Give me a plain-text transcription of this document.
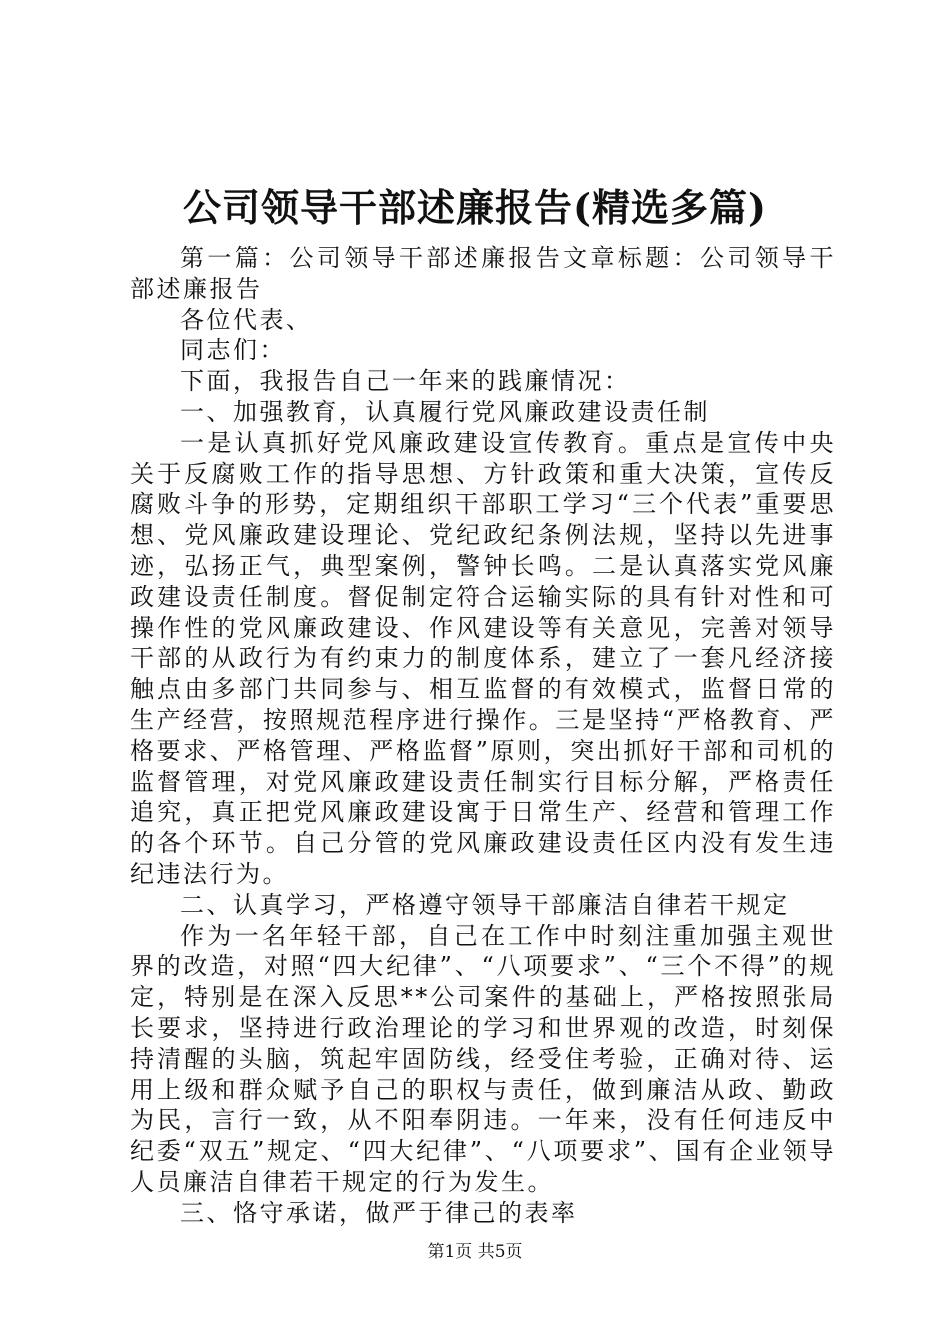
公司领导干部述廉报告(精选多篇)

第一篇：公司领导干部述廉报告文章标题：公司领导干部述廉报告

各位代表、

同志们：

下面，我报告自己一年来的践廉情况：

一、加强教育，认真履行党风廉政建设责任制

一是认真抓好党风廉政建设宣传教育。重点是宣传中央关于反腐败工作的指导思想、方针政策和重大决策，宣传反腐败斗争的形势，定期组织干部职工学习“三个代表”重要思想、党风廉政建设理论、党纪政纪条例法规，坚持以先进事迹，弘扬正气，典型案例，警钟长鸣。二是认真落实党风廉政建设责任制度。督促制定符合运输实际的具有针对性和可操作性的党风廉政建设、作风建设等有关意见，完善对领导干部的从政行为有约束力的制度体系，建立了一套凡经济接触点由多部门共同参与、相互监督的有效模式，监督日常的生产经营，按照规范程序进行操作。三是坚持“严格教育、严格要求、严格管理、严格监督”原则，突出抓好干部和司机的监督管理，对党风廉政建设责任制实行目标分解，严格责任追究，真正把党风廉政建设寓于日常生产、经营和管理工作的各个环节。自己分管的党风廉政建设责任区内没有发生违纪违法行为。

二、认真学习，严格遵守领导干部廉洁自律若干规定

作为一名年轻干部，自己在工作中时刻注重加强主观世界的改造，对照“四大纪律”、“八项要求”、“三个不得”的规定，特别是在深入反思**公司案件的基础上，严格按照张局长要求，坚持进行政治理论的学习和世界观的改造，时刻保持清醒的头脑，筑起牢固防线，经受住考验，正确对待、运用上级和群众赋予自己的职权与责任，做到廉洁从政、勤政为民，言行一致，从不阳奉阴违。一年来，没有任何违反中纪委“双五”规定、“四大纪律”、“八项要求”、国有企业领导人员廉洁自律若干规定的行为发生。

三、恪守承诺，做严于律己的表率

第1页 共5页
